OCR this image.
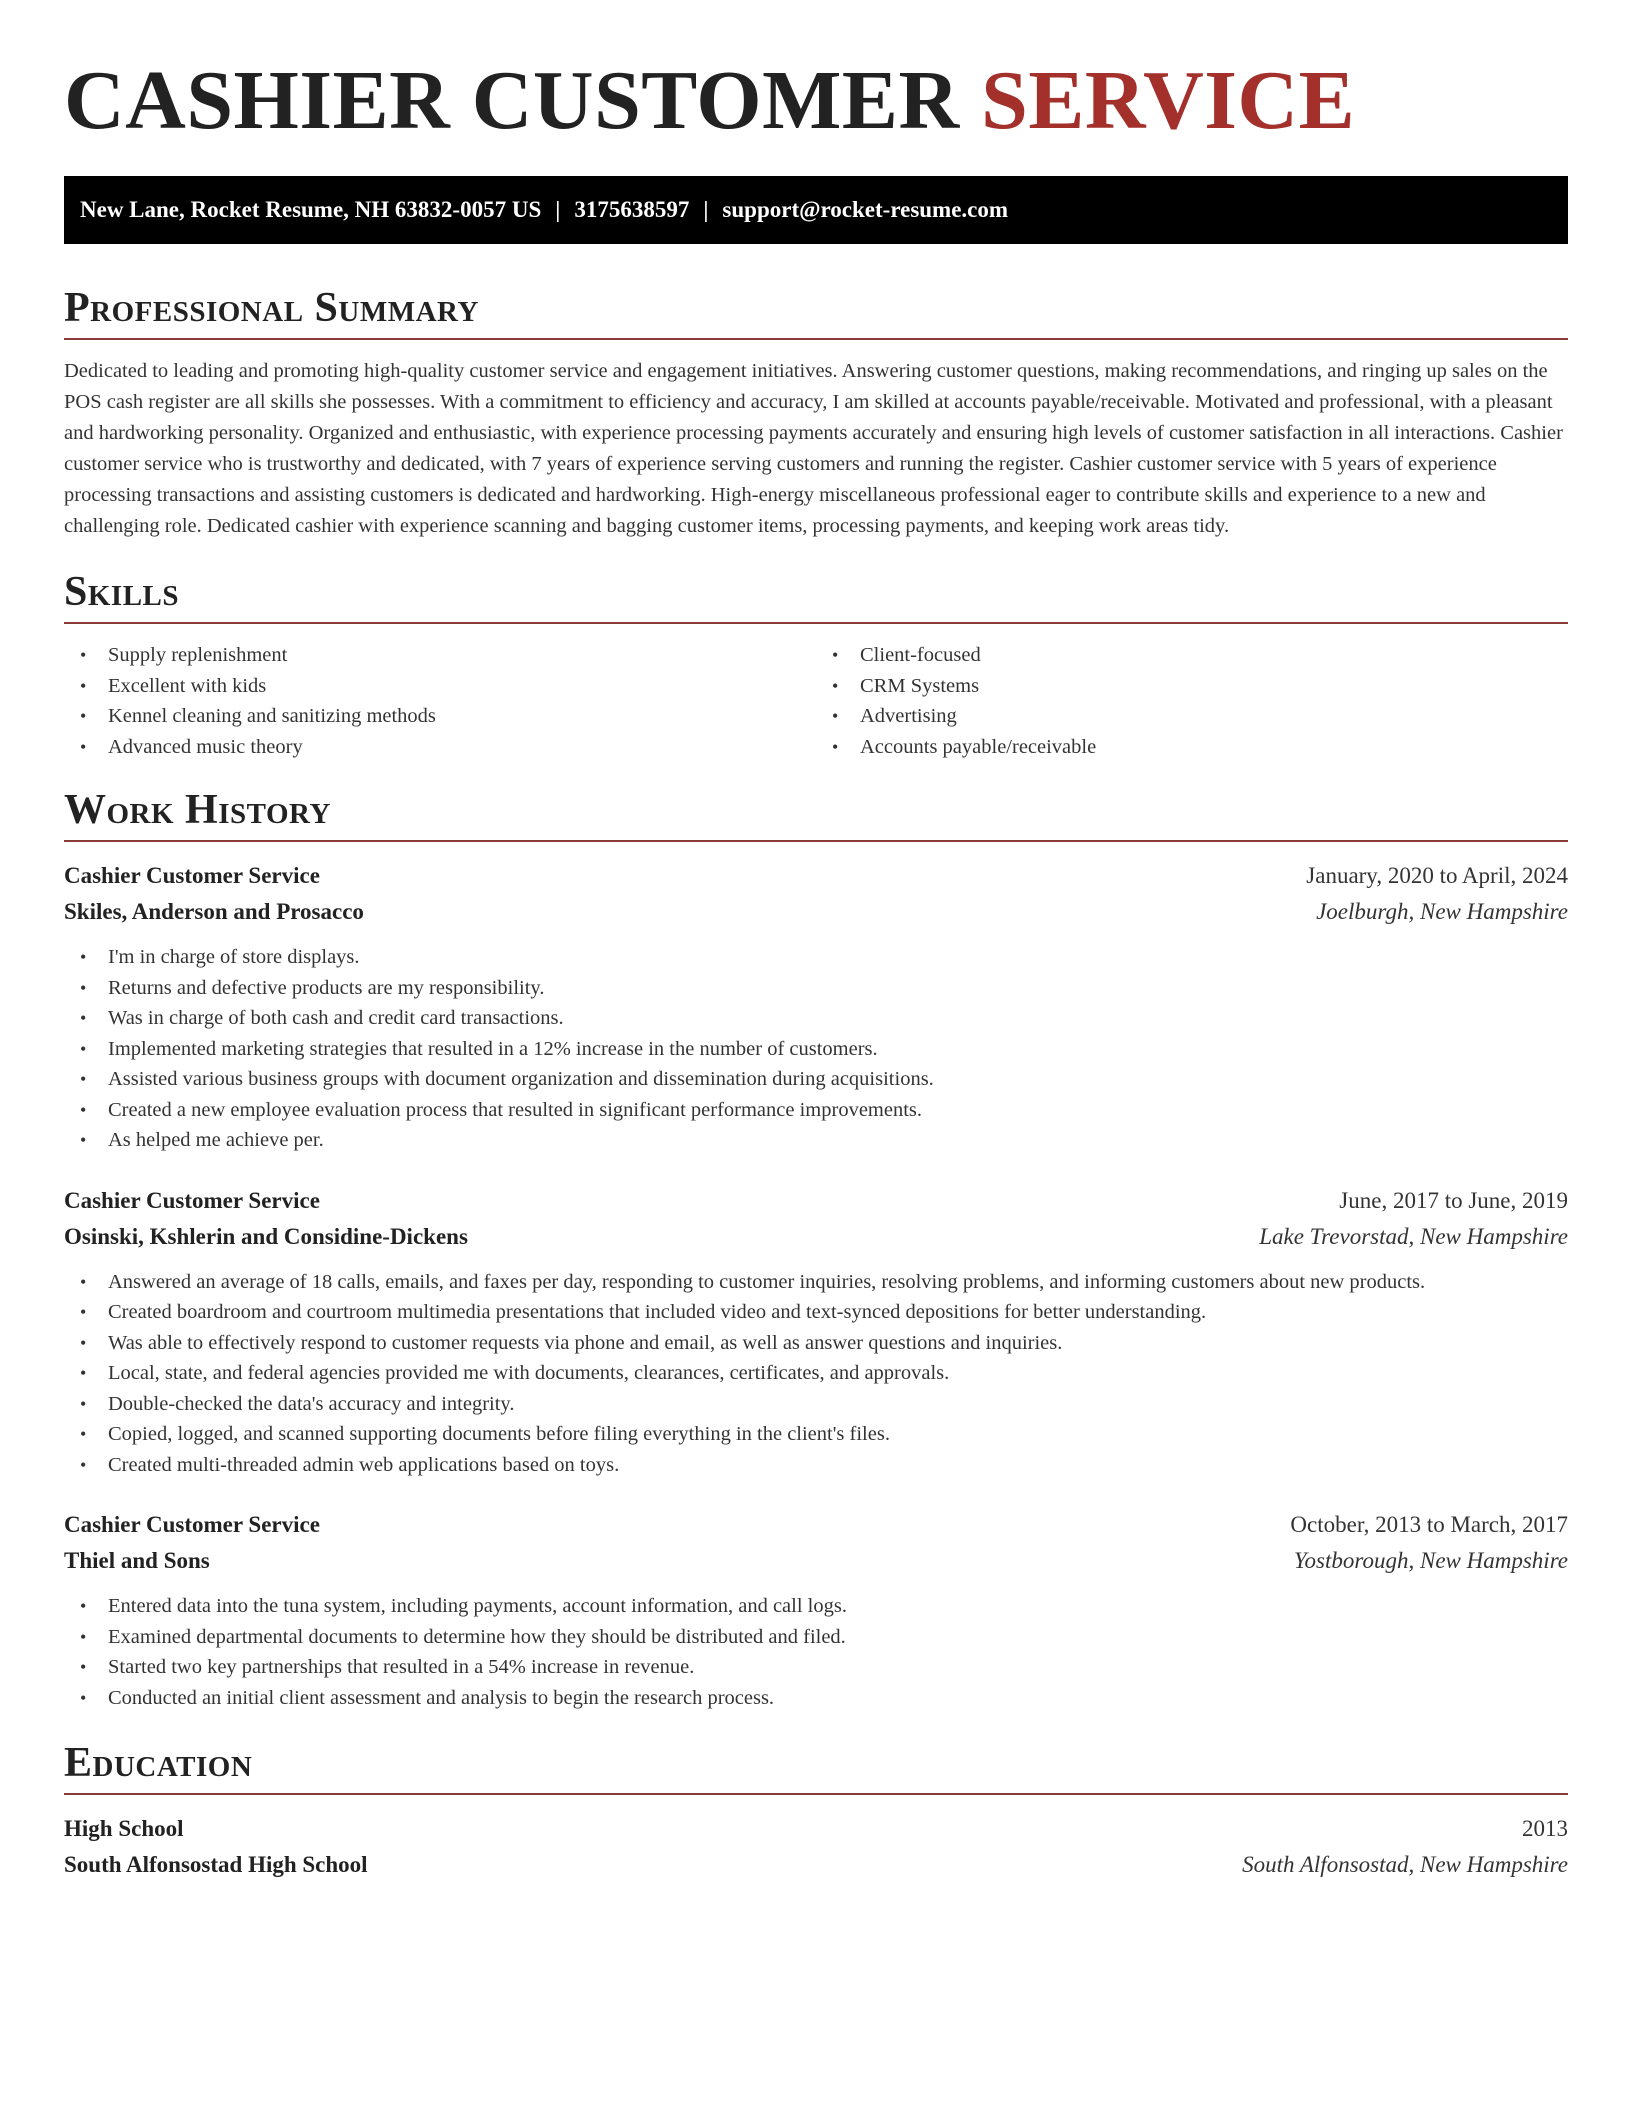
CASHIER CUSTOMER SERVICE
New Lane, Rocket Resume, NH 63832-0057 US | 3175638597 | support@rocket-resume.com
Professional Summary

Dedicated to leading and promoting high-quality customer service and engagement initiatives. Answering customer questions, making recommendations, and ringing up sales on the POS cash register are all skills she possesses. With a commitment to efficiency and accuracy, I am skilled at accounts payable/receivable. Motivated and professional, with a pleasant and hardworking personality. Organized and enthusiastic, with experience processing payments accurately and ensuring high levels of customer satisfaction in all interactions. Cashier customer service who is trustworthy and dedicated, with 7 years of experience serving customers and running the register. Cashier customer service with 5 years of experience processing transactions and assisting customers is dedicated and hardworking. High-energy miscellaneous professional eager to contribute skills and experience to a new and challenging role. Dedicated cashier with experience scanning and bagging customer items, processing payments, and keeping work areas tidy.

Skills
• Supply replenishment
• Excellent with kids
• Kennel cleaning and sanitizing methods
• Advanced music theory
• Client-focused
• CRM Systems
• Advertising
• Accounts payable/receivable
Work History
Cashier Customer Service	January, 2020 to April, 2024
Skiles, Anderson and Prosacco	Joelburgh, New Hampshire
• I'm in charge of store displays.
• Returns and defective products are my responsibility.
• Was in charge of both cash and credit card transactions.
• Implemented marketing strategies that resulted in a 12% increase in the number of customers.
• Assisted various business groups with document organization and dissemination during acquisitions.
• Created a new employee evaluation process that resulted in significant performance improvements.
• As helped me achieve per.
Cashier Customer Service	June, 2017 to June, 2019
Osinski, Kshlerin and Considine-Dickens	Lake Trevorstad, New Hampshire
• Answered an average of 18 calls, emails, and faxes per day, responding to customer inquiries, resolving problems, and informing customers about new products.
• Created boardroom and courtroom multimedia presentations that included video and text-synced depositions for better understanding.
• Was able to effectively respond to customer requests via phone and email, as well as answer questions and inquiries.
• Local, state, and federal agencies provided me with documents, clearances, certificates, and approvals.
• Double-checked the data's accuracy and integrity.
• Copied, logged, and scanned supporting documents before filing everything in the client's files.
• Created multi-threaded admin web applications based on toys.
Cashier Customer Service	October, 2013 to March, 2017
Thiel and Sons	Yostborough, New Hampshire
• Entered data into the tuna system, including payments, account information, and call logs.
• Examined departmental documents to determine how they should be distributed and filed.
• Started two key partnerships that resulted in a 54% increase in revenue.
• Conducted an initial client assessment and analysis to begin the research process.
Education
High School	2013
South Alfonsostad High School	South Alfonsostad, New Hampshire
